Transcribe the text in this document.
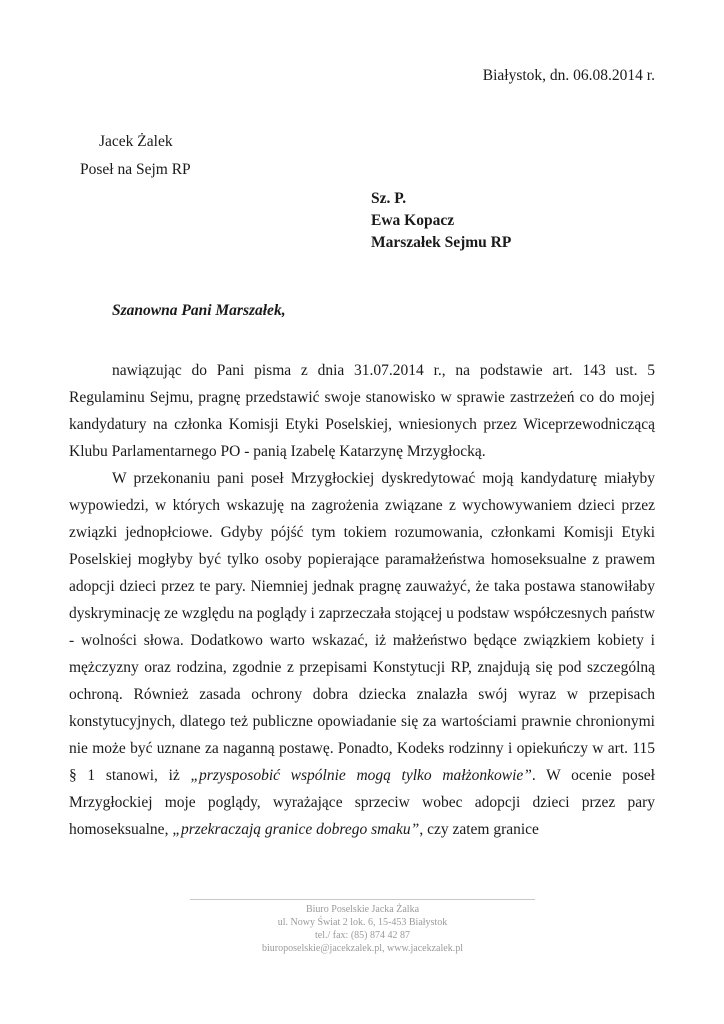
Białystok, dn. 06.08.2014 r.
Jacek Żalek
Poseł na Sejm RP
Sz. P.
Ewa Kopacz
Marszałek Sejmu RP
Szanowna Pani Marszałek,

nawiązując do Pani pisma z dnia 31.07.2014 r., na podstawie art. 143 ust. 5 Regulaminu Sejmu, pragnę przedstawić swoje stanowisko w sprawie zastrzeżeń co do mojej kandydatury na członka Komisji Etyki Poselskiej, wniesionych przez Wiceprzewodniczącą Klubu Parlamentarnego PO - panią Izabelę Katarzynę Mrzygłocką.

W przekonaniu pani poseł Mrzygłockiej dyskredytować moją kandydaturę miałyby wypowiedzi, w których wskazuję na zagrożenia związane z wychowywaniem dzieci przez związki jednopłciowe. Gdyby pójść tym tokiem rozumowania, członkami Komisji Etyki Poselskiej mogłyby być tylko osoby popierające paramałżeństwa homoseksualne z prawem adopcji dzieci przez te pary. Niemniej jednak pragnę zauważyć, że taka postawa stanowiłaby dyskryminację ze względu na poglądy i zaprzeczała stojącej u podstaw współczesnych państw - wolności słowa. Dodatkowo warto wskazać, iż małżeństwo będące związkiem kobiety i mężczyzny oraz rodzina, zgodnie z przepisami Konstytucji RP, znajdują się pod szczególną ochroną. Również zasada ochrony dobra dziecka znalazła swój wyraz w przepisach konstytucyjnych, dlatego też publiczne opowiadanie się za wartościami prawnie chronionymi nie może być uznane za naganną postawę. Ponadto, Kodeks rodzinny i opiekuńczy w art. 115 § 1 stanowi, iż „przysposobić wspólnie mogą tylko małżonkowie”. W ocenie poseł Mrzygłockiej moje poglądy, wyrażające sprzeciw wobec adopcji dzieci przez pary homoseksualne, „przekraczają granice dobrego smaku”, czy zatem granice

Biuro Poselskie Jacka Żalka
ul. Nowy Świat 2 lok. 6, 15-453 Białystok
tel./ fax: (85) 874 42 87
biuroposelskie@jacekzalek.pl, www.jacekzalek.pl
